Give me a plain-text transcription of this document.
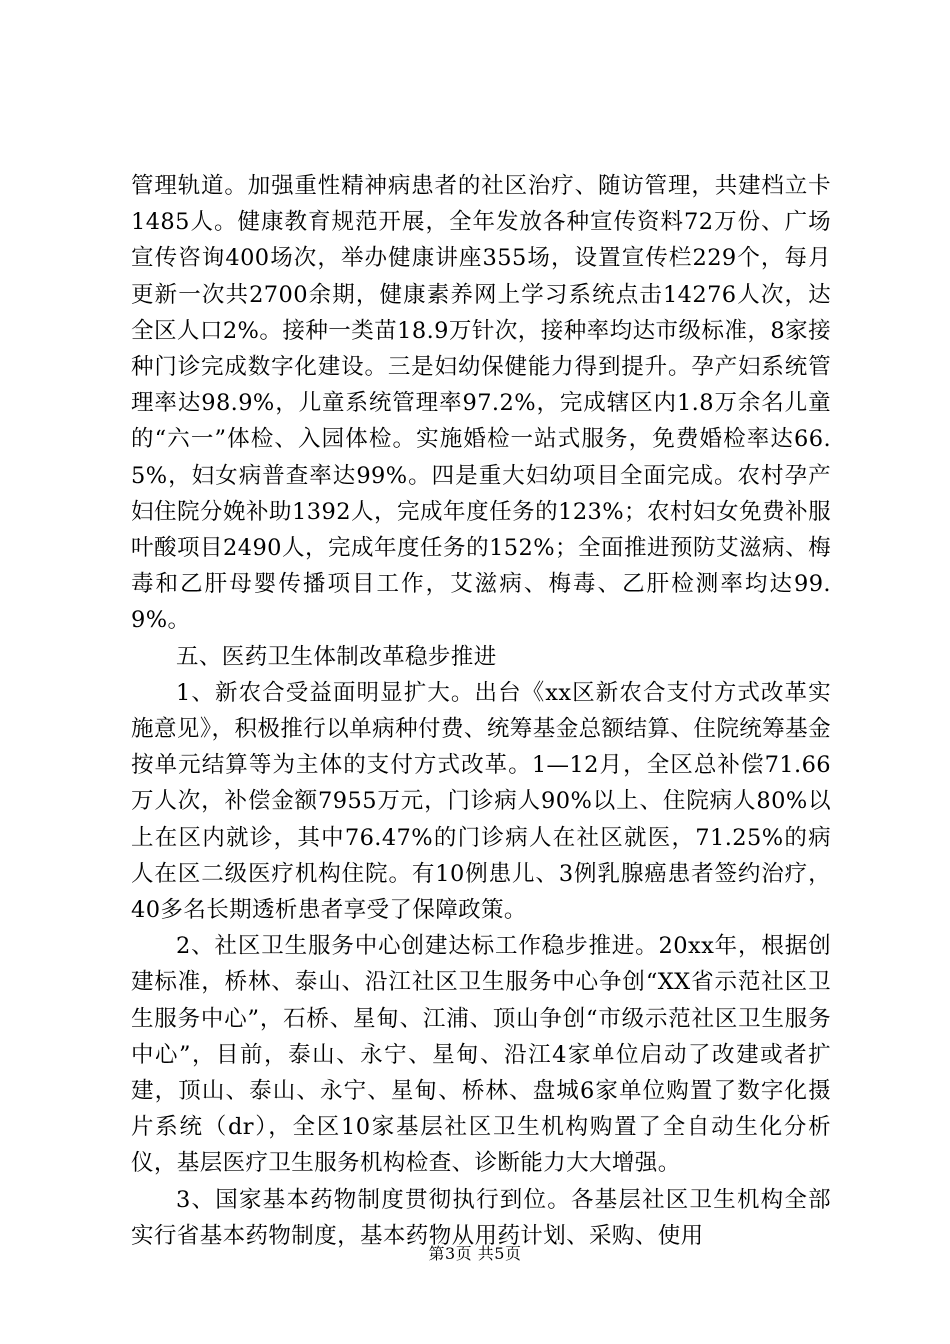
管理轨道。加强重性精神病患者的社区治疗、随访管理，共建档立卡1485人。健康教育规范开展，全年发放各种宣传资料72万份、广场宣传咨询400场次，举办健康讲座355场，设置宣传栏229个，每月更新一次共2700余期，健康素养网上学习系统点击14276人次，达全区人口2%。接种一类苗18.9万针次，接种率均达市级标准，8家接种门诊完成数字化建设。三是妇幼保健能力得到提升。孕产妇系统管理率达98.9%，儿童系统管理率97.2%，完成辖区内1.8万余名儿童的“六一”体检、入园体检。实施婚检一站式服务，免费婚检率达66.5%，妇女病普查率达99%。四是重大妇幼项目全面完成。农村孕产妇住院分娩补助1392人，完成年度任务的123%；农村妇女免费补服叶酸项目2490人，完成年度任务的152%；全面推进预防艾滋病、梅毒和乙肝母婴传播项目工作，艾滋病、梅毒、乙肝检测率均达99.9%。

五、医药卫生体制改革稳步推进

1、新农合受益面明显扩大。出台《xx区新农合支付方式改革实施意见》，积极推行以单病种付费、统筹基金总额结算、住院统筹基金按单元结算等为主体的支付方式改革。1—12月，全区总补偿71.66万人次，补偿金额7955万元，门诊病人90%以上、住院病人80%以上在区内就诊，其中76.47%的门诊病人在社区就医，71.25%的病人在区二级医疗机构住院。有10例患儿、3例乳腺癌患者签约治疗，40多名长期透析患者享受了保障政策。

2、社区卫生服务中心创建达标工作稳步推进。20xx年，根据创建标准，桥林、泰山、沿江社区卫生服务中心争创“XX省示范社区卫生服务中心”，石桥、星甸、江浦、顶山争创“市级示范社区卫生服务中心”，目前，泰山、永宁、星甸、沿江4家单位启动了改建或者扩建，顶山、泰山、永宁、星甸、桥林、盘城6家单位购置了数字化摄片系统（dr），全区10家基层社区卫生机构购置了全自动生化分析仪，基层医疗卫生服务机构检查、诊断能力大大增强。

3、国家基本药物制度贯彻执行到位。各基层社区卫生机构全部实行省基本药物制度，基本药物从用药计划、采购、使用

第3页 共5页
